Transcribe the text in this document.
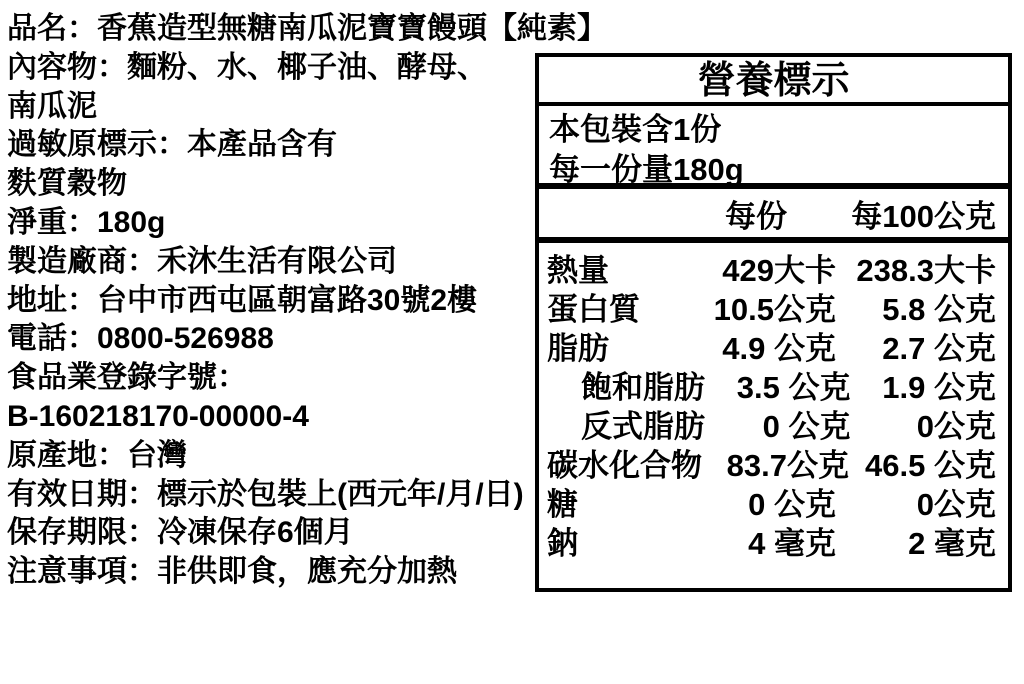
品名：香蕉造型無糖南瓜泥寶寶饅頭【純素】
內容物：麵粉、水、椰子油、酵母、
南瓜泥
過敏原標示：本產品含有
麩質穀物
淨重：180g
製造廠商：禾沐生活有限公司
地址：台中市西屯區朝富路30號2樓
電話：0800-526988
食品業登錄字號：
B-160218170-00000-4
原產地：台灣
有效日期：標示於包裝上(西元年/月/日)
保存期限：冷凍保存6個月
注意事項：非供即食，應充分加熱
營養標示
本包裝含1份
每一份量180g
每份	每100公克
熱量	429大卡 238.3大卡
蛋白質	10.5公克	5.8 公克
脂肪	4.9 公克	2.7 公克
飽和脂肪	3.5 公克	1.9 公克
反式脂肪	0 公克	0公克
碳水化合物 83.7公克 46.5 公克
糖	0 公克	0公克
鈉	4 毫克	2 毫克
